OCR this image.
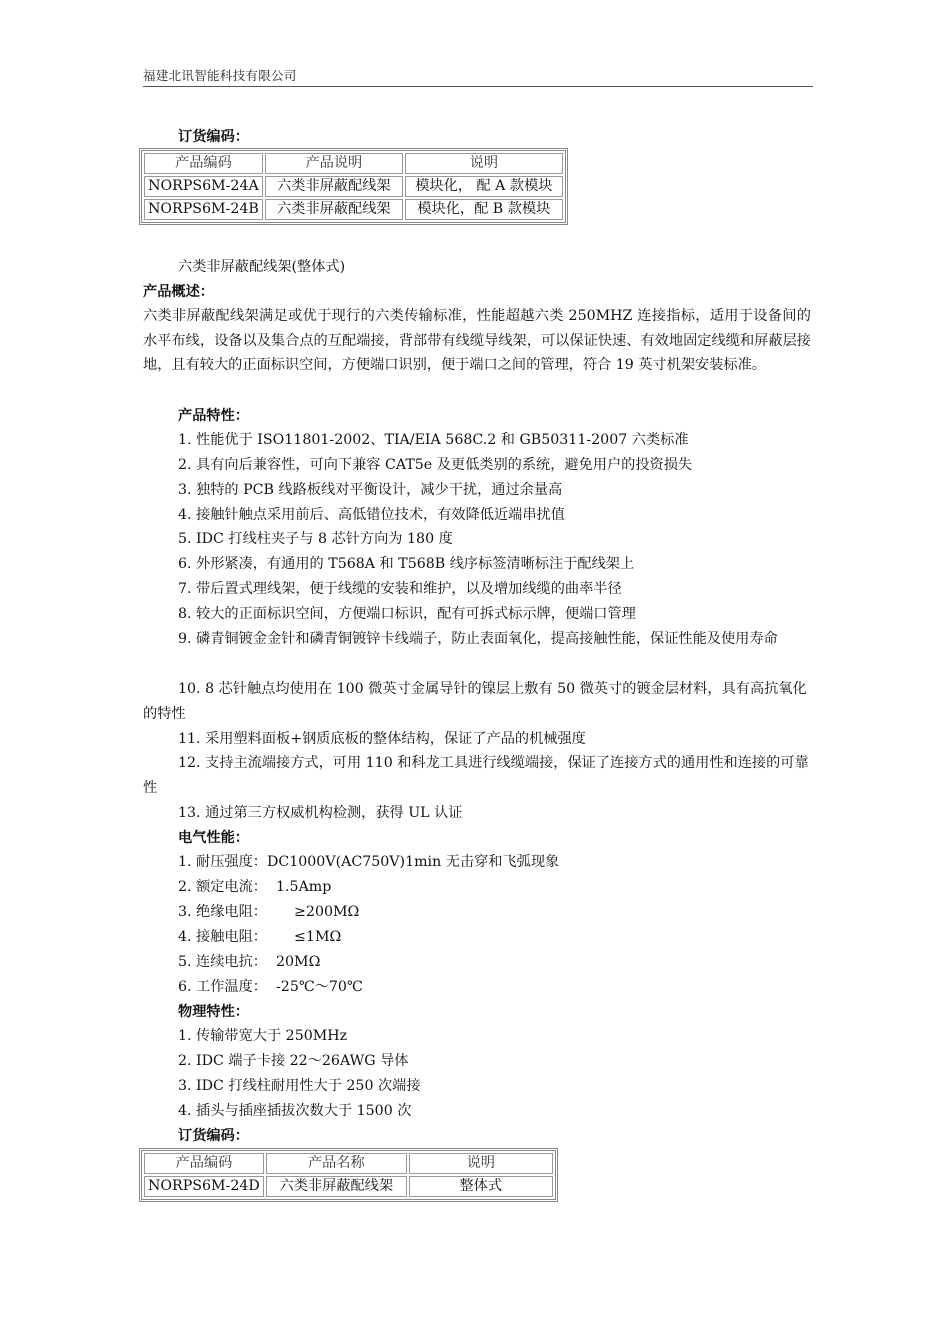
福建北讯智能科技有限公司
订货编码：
产品编码	产品说明	说明
NORPS6M-24A	六类非屏蔽配线架	模块化， 配 A 款模块
NORPS6M-24B	六类非屏蔽配线架	模块化，配 B 款模块
六类非屏蔽配线架(整体式)
产品概述：
六类非屏蔽配线架满足或优于现行的六类传输标准，性能超越六类 250MHZ 连接指标，适用于设备间的水平布线，设备以及集合点的互配端接，背部带有线缆导线架，可以保证快速、有效地固定线缆和屏蔽层接地，且有较大的正面标识空间，方便端口识别，便于端口之间的管理，符合 19 英寸机架安装标准。
产品特性：
1. 性能优于 ISO11801-2002、TIA/EIA 568C.2 和 GB50311-2007 六类标准
2. 具有向后兼容性，可向下兼容 CAT5e 及更低类别的系统，避免用户的投资损失
3. 独特的 PCB 线路板线对平衡设计，减少干扰，通过余量高
4. 接触针触点采用前后、高低错位技术，有效降低近端串扰值
5. IDC 打线柱夹子与 8 芯针方向为 180 度
6. 外形紧凑，有通用的 T568A 和 T568B 线序标签清晰标注于配线架上
7. 带后置式理线架，便于线缆的安装和维护，以及增加线缆的曲率半径
8. 较大的正面标识空间，方便端口标识，配有可拆式标示牌，便端口管理
9. 磷青铜镀金金针和磷青铜镀锌卡线端子，防止表面氧化，提高接触性能，保证性能及使用寿命
10. 8 芯针触点均使用在 100 微英寸金属导针的镍层上敷有 50 微英寸的镀金层材料，具有高抗氧化的特性
11. 采用塑料面板+钢质底板的整体结构，保证了产品的机械强度
12. 支持主流端接方式，可用 110 和科龙工具进行线缆端接，保证了连接方式的通用性和连接的可靠性
13. 通过第三方权威机构检测，获得 UL 认证
电气性能：
1. 耐压强度：DC1000V(AC750V)1min 无击穿和飞弧现象
2. 额定电流：  1.5Amp
3. 绝缘电阻：      ≥200MΩ
4. 接触电阻：      ≤1MΩ
5. 连续电抗：  20MΩ
6. 工作温度：  -25℃～70℃
物理特性：
1. 传输带宽大于 250MHz
2. IDC 端子卡接 22～26AWG 导体
3. IDC 打线柱耐用性大于 250 次端接
4. 插头与插座插拔次数大于 1500 次
订货编码：
产品编码	产品名称	说明
NORPS6M-24D	六类非屏蔽配线架	整体式
